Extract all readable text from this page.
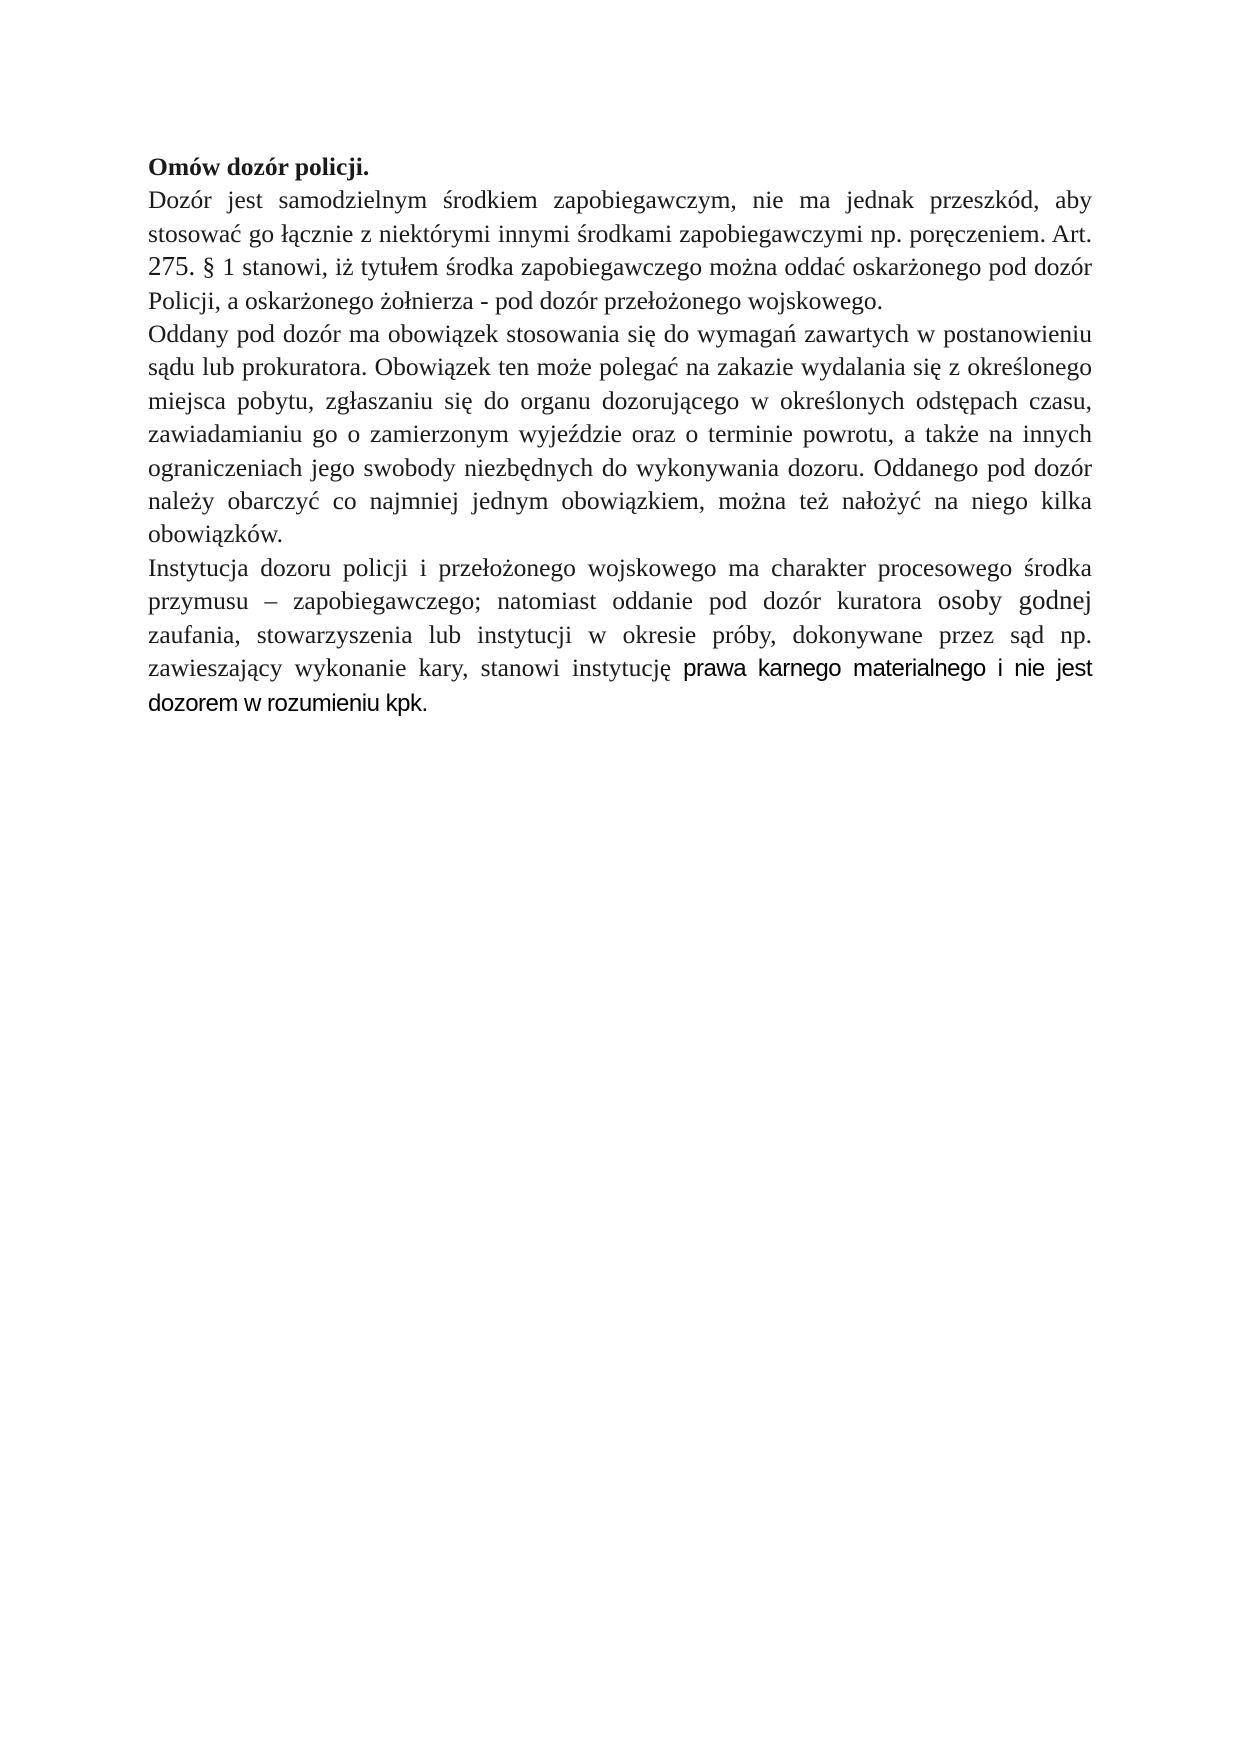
Omów dozór policji.

Dozór jest samodzielnym środkiem zapobiegawczym, nie ma jednak przeszkód, aby stosować go łącznie z niektórymi innymi środkami zapobiegawczymi np. poręczeniem. Art. 275. § 1 stanowi, iż tytułem środka zapobiegawczego można oddać oskarżonego pod dozór Policji, a oskarżonego żołnierza - pod dozór przełożonego wojskowego.

Oddany pod dozór ma obowiązek stosowania się do wymagań zawartych w postanowieniu sądu lub prokuratora. Obowiązek ten może polegać na zakazie wydalania się z określonego miejsca pobytu, zgłaszaniu się do organu dozorującego w określonych odstępach czasu, zawiadamianiu go o zamierzonym wyjeździe oraz o terminie powrotu, a także na innych ograniczeniach jego swobody niezbędnych do wykonywania dozoru. Oddanego pod dozór należy obarczyć co najmniej jednym obowiązkiem, można też nałożyć na niego kilka obowiązków.

Instytucja dozoru policji i przełożonego wojskowego ma charakter procesowego środka przymusu – zapobiegawczego; natomiast oddanie pod dozór kuratora osoby godnej zaufania, stowarzyszenia lub instytucji w okresie próby, dokonywane przez sąd np. zawieszający wykonanie kary, stanowi instytucję prawa karnego materialnego i nie jest dozorem w rozumieniu kpk.
